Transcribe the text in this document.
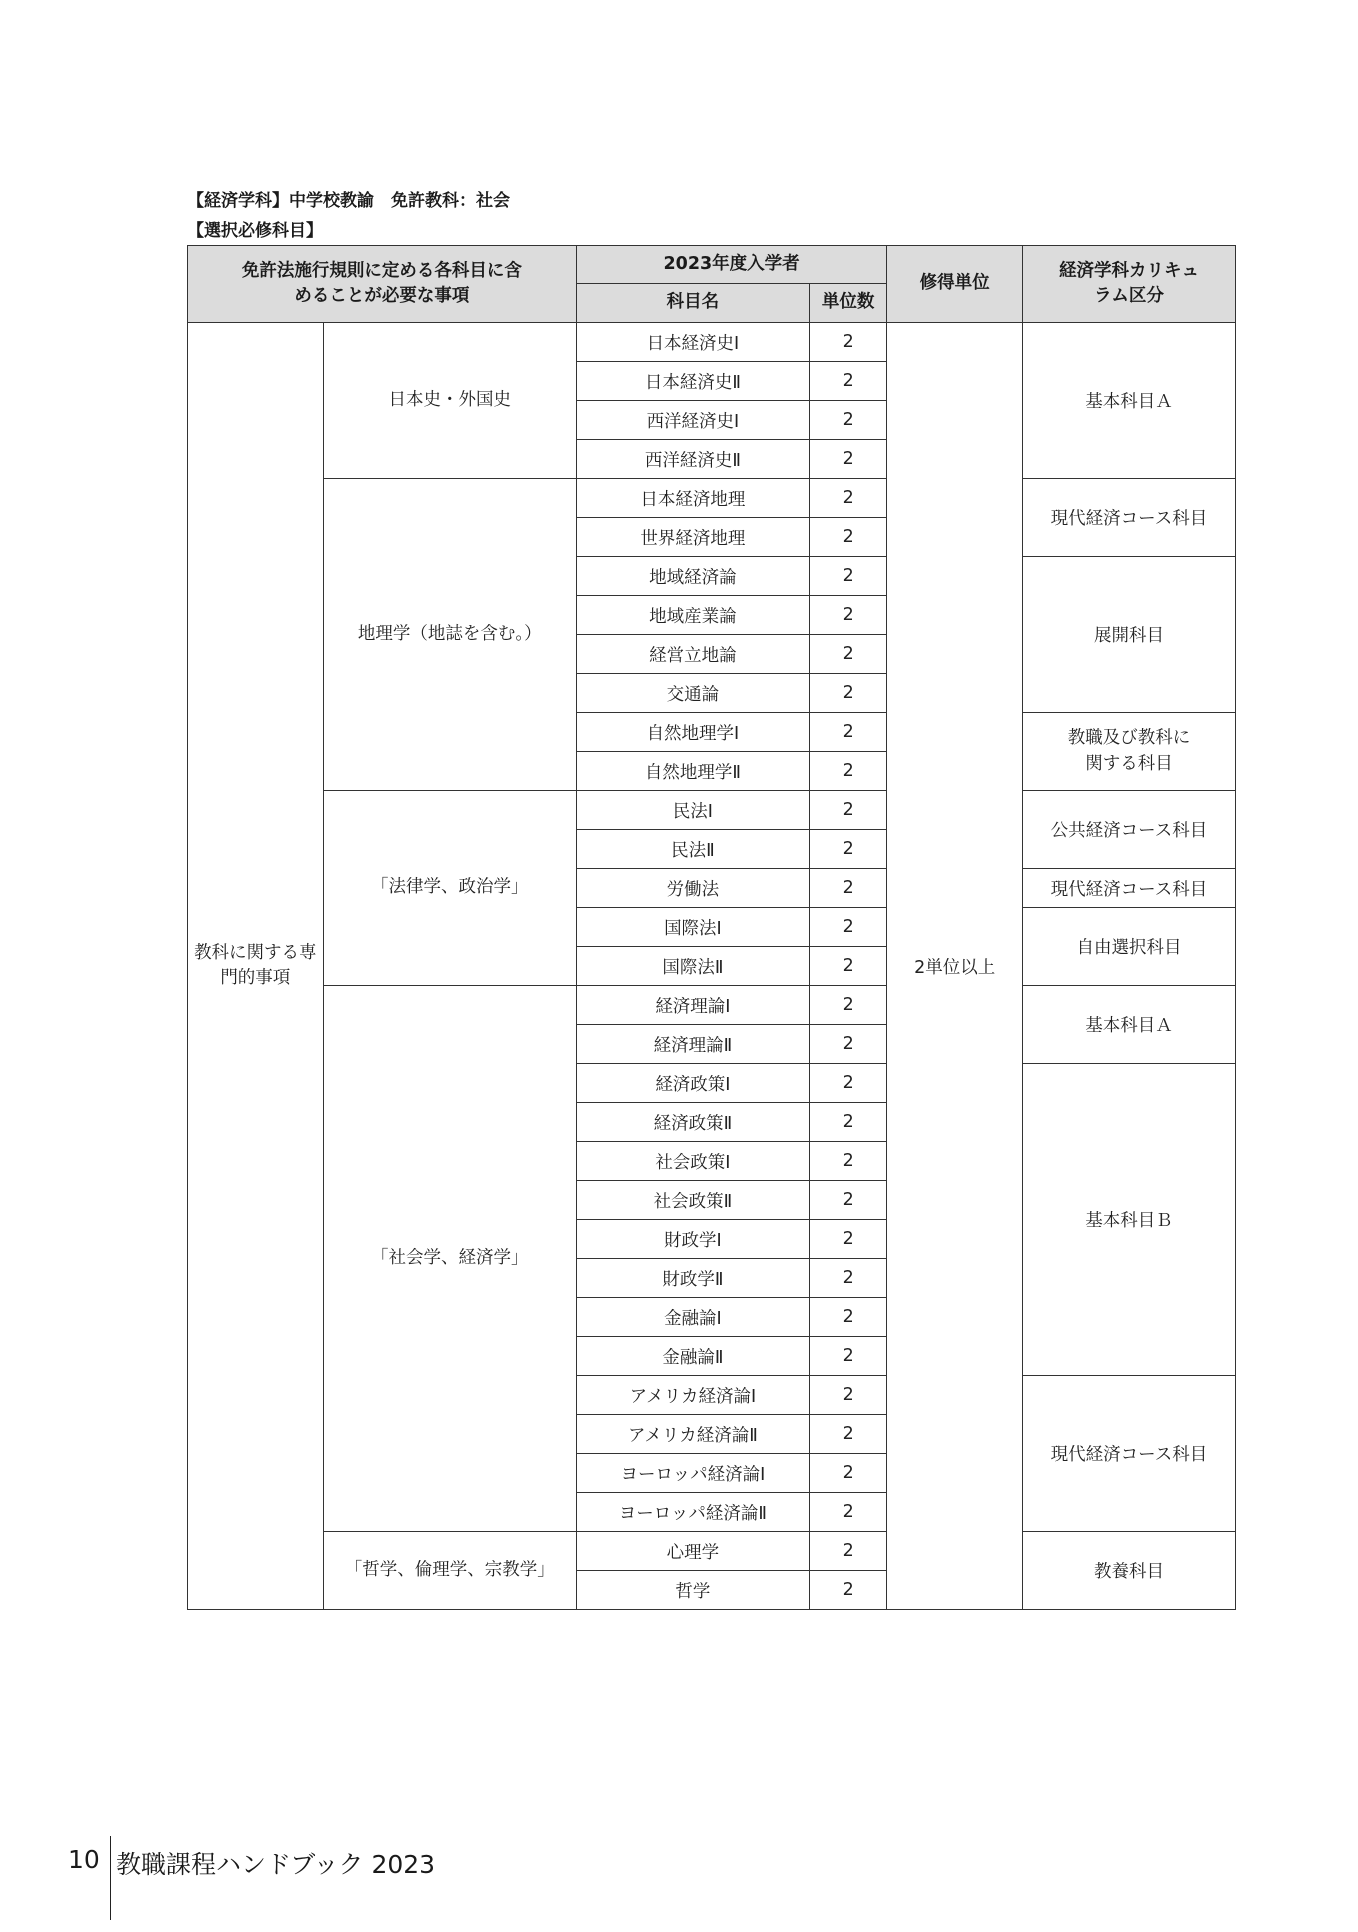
【経済学科】中学校教諭　免許教科：社会
【選択必修科目】
免許法施行規則に定める各科目に含めることが必要な事項		2023年度入学者		修得単位	経済学科カリキュラム区分
		科目名	単位数		
教科に関する専門的事項	日本史・外国史	日本経済史Ⅰ	2	2単位以上	基本科目Ａ
		日本経済史Ⅱ	2		
		西洋経済史Ⅰ	2		
		西洋経済史Ⅱ	2		
	地理学（地誌を含む。）	日本経済地理	2		現代経済コース科目
		世界経済地理	2		
		地域経済論	2		展開科目
		地域産業論	2		
		経営立地論	2		
		交通論	2		
		自然地理学Ⅰ	2		教職及び教科に関する科目
		自然地理学Ⅱ	2		
	「法律学、政治学」	民法Ⅰ	2		公共経済コース科目
		民法Ⅱ	2		
		労働法	2		現代経済コース科目
		国際法Ⅰ	2		自由選択科目
		国際法Ⅱ	2		
	「社会学、経済学」	経済理論Ⅰ	2		基本科目Ａ
		経済理論Ⅱ	2		
		経済政策Ⅰ	2		基本科目Ｂ
		経済政策Ⅱ	2		
		社会政策Ⅰ	2		
		社会政策Ⅱ	2		
		財政学Ⅰ	2		
		財政学Ⅱ	2		
		金融論Ⅰ	2		
		金融論Ⅱ	2		
		アメリカ経済論Ⅰ	2		現代経済コース科目
		アメリカ経済論Ⅱ	2		
		ヨーロッパ経済論Ⅰ	2		
		ヨーロッパ経済論Ⅱ	2		
	「哲学、倫理学、宗教学」	心理学	2		教養科目
		哲学	2		

10

教職課程ハンドブック 2023
